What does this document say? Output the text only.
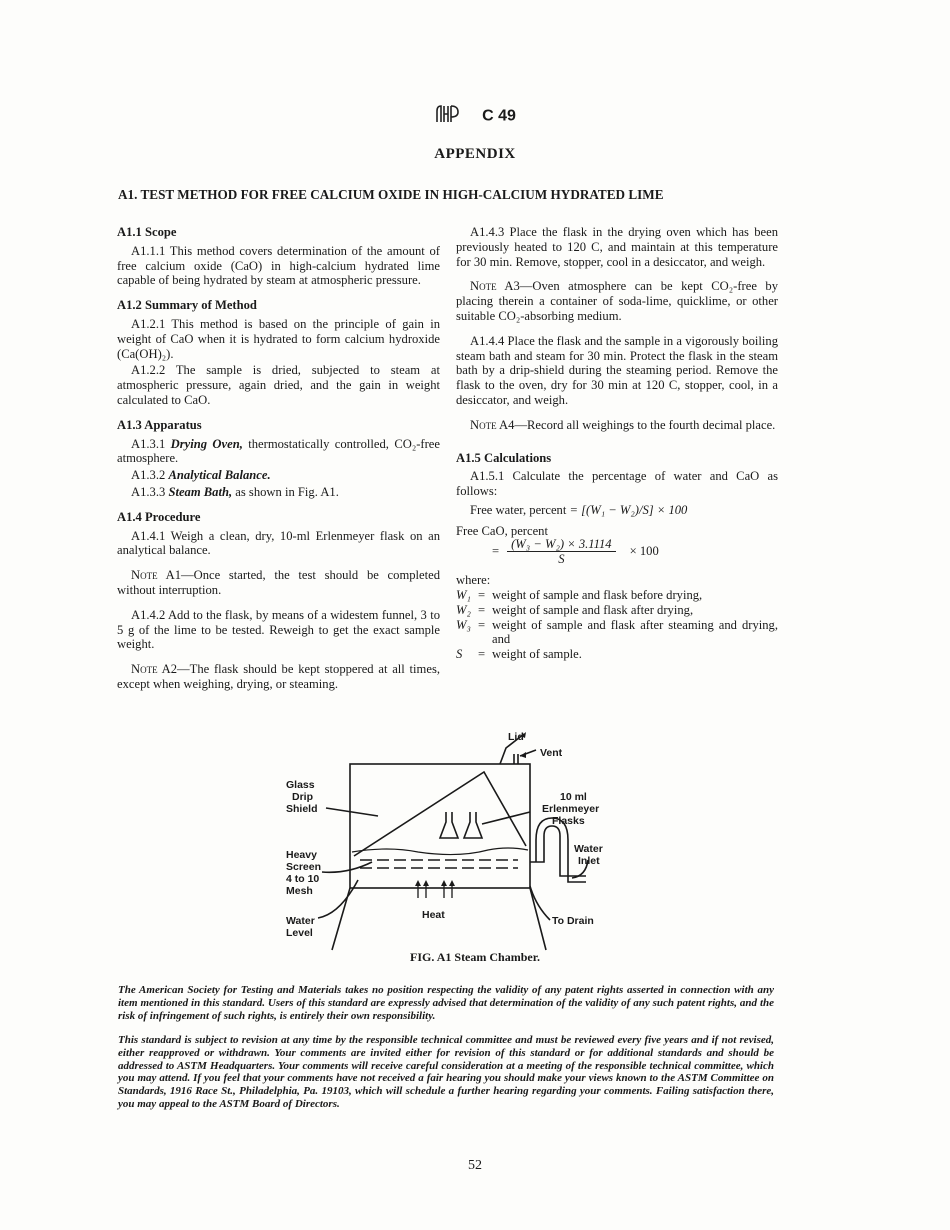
C 49
APPENDIX
A1. TEST METHOD FOR FREE CALCIUM OXIDE IN HIGH-CALCIUM HYDRATED LIME
A1.1 Scope
A1.1.1 This method covers determination of the amount of free calcium oxide (CaO) in high-calcium hydrated lime capable of being hydrated by steam at atmospheric pressure.
A1.2 Summary of Method
A1.2.1 This method is based on the principle of gain in weight of CaO when it is hydrated to form calcium hydroxide (Ca(OH)₂).
A1.2.2 The sample is dried, subjected to steam at atmospheric pressure, again dried, and the gain in weight calculated to CaO.
A1.3 Apparatus
A1.3.1 Drying Oven, thermostatically controlled, CO₂-free atmosphere.
A1.3.2 Analytical Balance.
A1.3.3 Steam Bath, as shown in Fig. A1.
A1.4 Procedure
A1.4.1 Weigh a clean, dry, 10-ml Erlenmeyer flask on an analytical balance.
Note A1—Once started, the test should be completed without interruption.
A1.4.2 Add to the flask, by means of a widestem funnel, 3 to 5 g of the lime to be tested. Reweigh to get the exact sample weight.
Note A2—The flask should be kept stoppered at all times, except when weighing, drying, or steaming.
A1.4.3 Place the flask in the drying oven which has been previously heated to 120 C, and maintain at this temperature for 30 min. Remove, stopper, cool in a desiccator, and weigh.
Note A3—Oven atmosphere can be kept CO₂-free by placing therein a container of soda-lime, quicklime, or other suitable CO₂-absorbing medium.
A1.4.4 Place the flask and the sample in a vigorously boiling steam bath and steam for 30 min. Protect the flask in the steam bath by a drip-shield during the steaming period. Remove the flask to the oven, dry for 30 min at 120 C, stopper, cool, in a desiccator, and weigh.
Note A4—Record all weighings to the fourth decimal place.
A1.5 Calculations
A1.5.1 Calculate the percentage of water and CaO as follows:
Free water, percent = [(W₁ − W₂)/S] × 100
Free CaO, percent
= $\frac{\text{(W₃ − W₂) × 3.1114}}{S} \times 100$
where:
W₁ = weight of sample and flask before drying,
W₂ = weight of sample and flask after drying,
W₃ = weight of sample and flask after steaming and drying, and
S	= weight of sample.
Lid
Vent
Glass
Drip
Shield
10 ml
Erlenmeyer
Flasks
Heavy
Screen
4 to 10
Mesh
Water
Inlet
Water
Level
Heat	To Drain
FIG. A1 Steam Chamber.
The American Society for Testing and Materials takes no position respecting the validity of any patent rights asserted in connection with any item mentioned in this standard. Users of this standard are expressly advised that determination of the validity of any such patent rights, and the risk of infringement of such rights, is entirely their own responsibility.
This standard is subject to revision at any time by the responsible technical committee and must be reviewed every five years and if not revised, either reapproved or withdrawn. Your comments are invited either for revision of this standard or for additional standards and should be addressed to ASTM Headquarters. Your comments will receive careful consideration at a meeting of the responsible technical committee, which you may attend. If you feel that your comments have not received a fair hearing you should make your views known to the ASTM Committee on Standards, 1916 Race St., Philadelphia, Pa. 19103, which will schedule a further hearing regarding your comments. Failing satisfaction there, you may appeal to the ASTM Board of Directors.
52
